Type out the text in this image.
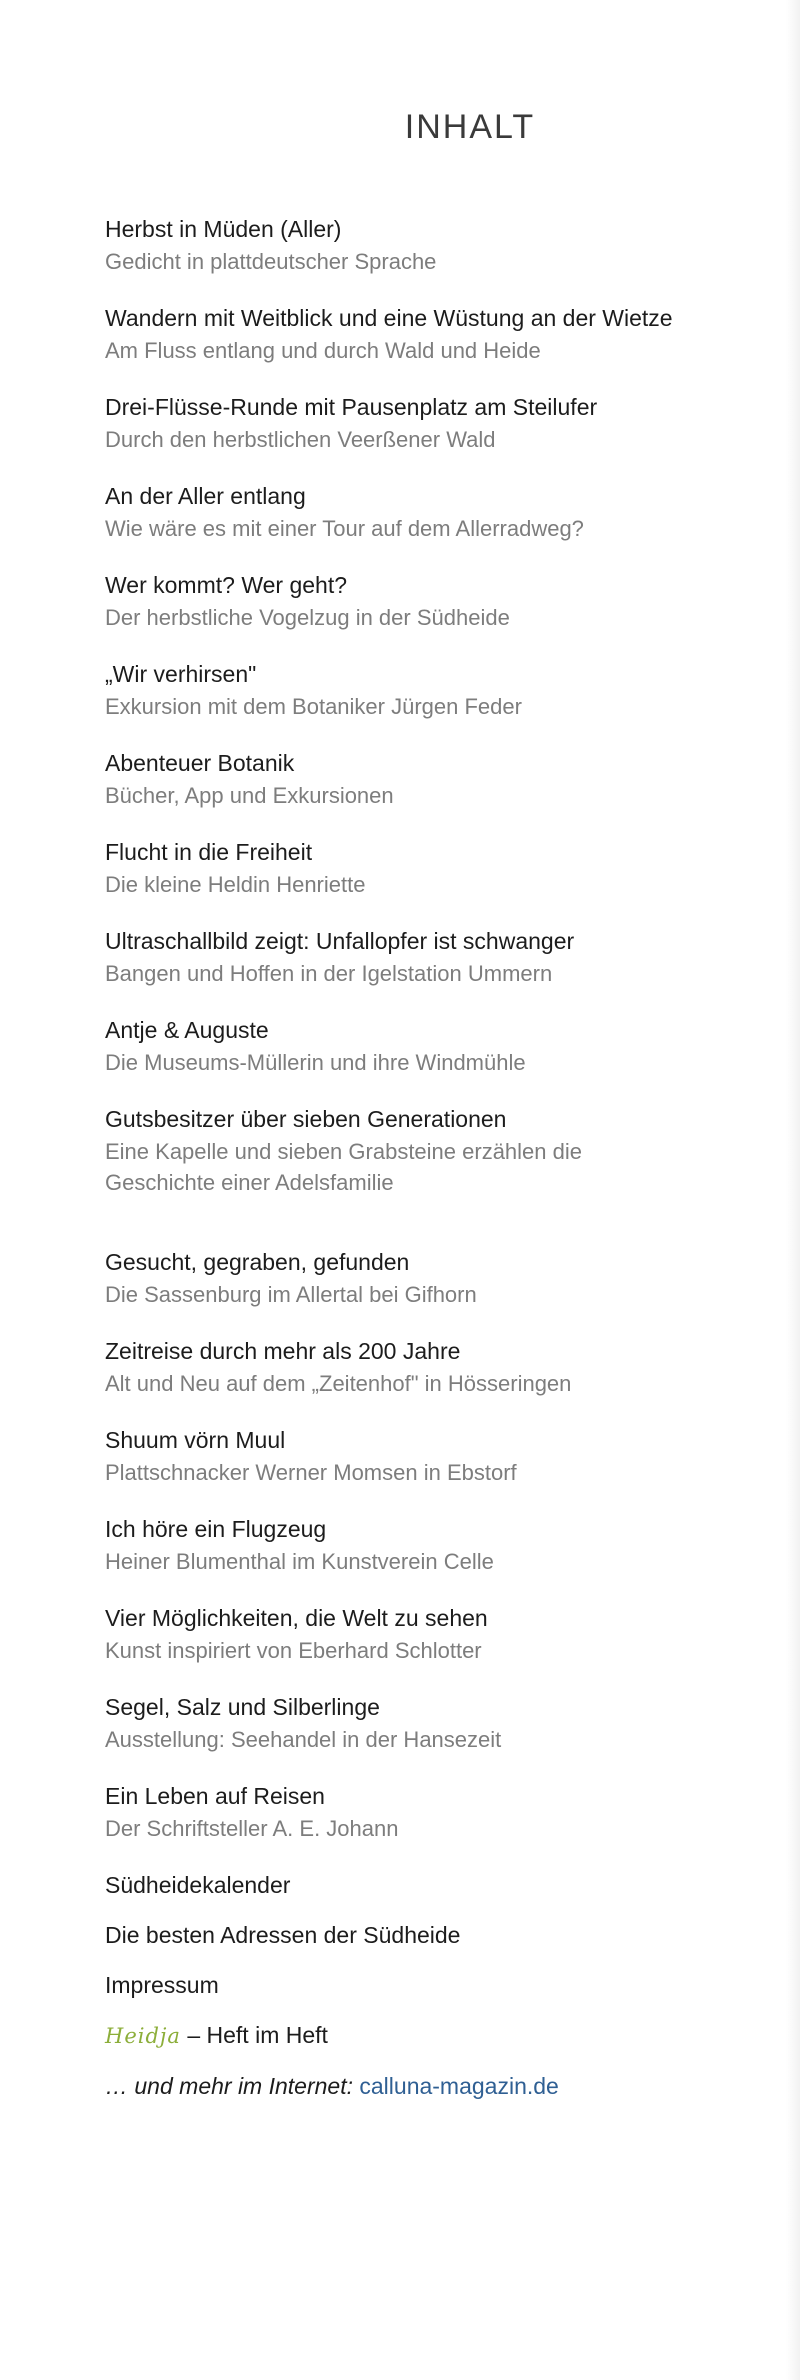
INHALT
Herbst in Müden (Aller)
Gedicht in plattdeutscher Sprache
Wandern mit Weitblick und eine Wüstung an der Wietze
Am Fluss entlang und durch Wald und Heide
Drei-Flüsse-Runde mit Pausenplatz am Steilufer
Durch den herbstlichen Veerßener Wald
An der Aller entlang
Wie wäre es mit einer Tour auf dem Allerradweg?
Wer kommt? Wer geht?
Der herbstliche Vogelzug in der Südheide
„Wir verhirsen"
Exkursion mit dem Botaniker Jürgen Feder
Abenteuer Botanik
Bücher, App und Exkursionen
Flucht in die Freiheit
Die kleine Heldin Henriette
Ultraschallbild zeigt: Unfallopfer ist schwanger
Bangen und Hoffen in der Igelstation Ummern
Antje & Auguste
Die Museums-Müllerin und ihre Windmühle
Gutsbesitzer über sieben Generationen
Eine Kapelle und sieben Grabsteine erzählen die Geschichte einer Adelsfamilie
Gesucht, gegraben, gefunden
Die Sassenburg im Allertal bei Gifhorn
Zeitreise durch mehr als 200 Jahre
Alt und Neu auf dem „Zeitenhof" in Hösseringen
Shuum vörn Muul
Plattschnacker Werner Momsen in Ebstorf
Ich höre ein Flugzeug
Heiner Blumenthal im Kunstverein Celle
Vier Möglichkeiten, die Welt zu sehen
Kunst inspiriert von Eberhard Schlotter
Segel, Salz und Silberlinge
Ausstellung: Seehandel in der Hansezeit
Ein Leben auf Reisen
Der Schriftsteller A. E. Johann
Südheidekalender
Die besten Adressen der Südheide
Impressum
Heidja – Heft im Heft
… und mehr im Internet: calluna-magazin.de
